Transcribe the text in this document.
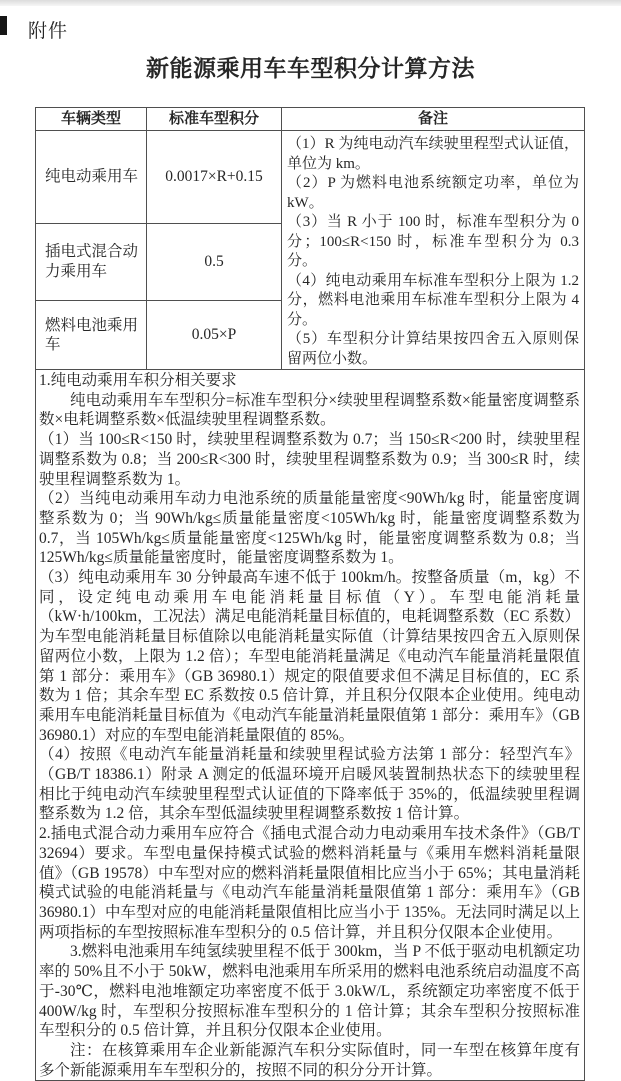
附件
新能源乘用车车型积分计算方法
车辆类型	标准车型积分	备注
纯电动乘用车	0.0017×R+0.15	（1）R 为纯电动汽车续驶里程型式认证值，单位为 km。
（2）P 为燃料电池系统额定功率，单位为 kW。
（3）当 R 小于 100 时，标准车型积分为 0 分；100≤R<150 时，标准车型积分为 0.3 分。
（4）纯电动乘用车标准车型积分上限为 1.2 分，燃料电池乘用车标准车型积分上限为 4 分。
（5）车型积分计算结果按四舍五入原则保留两位小数。

插电式混合动力乘用车	0.5	
燃料电池乘用车	0.05×P	

1.纯电动乘用车积分相关要求

纯电动乘用车车型积分=标准车型积分×续驶里程调整系数×能量密度调整系数×电耗调整系数×低温续驶里程调整系数。

（1）当 100≤R<150 时，续驶里程调整系数为 0.7；当 150≤R<200 时，续驶里程调整系数为 0.8；当 200≤R<300 时，续驶里程调整系数为 0.9；当 300≤R 时，续驶里程调整系数为 1。

（2）当纯电动乘用车动力电池系统的质量能量密度<90Wh/kg 时，能量密度调整系数为 0；当 90Wh/kg≤质量能量密度<105Wh/kg 时，能量密度调整系数为 0.7，当 105Wh/kg≤质量能量密度<125Wh/kg 时，能量密度调整系数为 0.8；当 125Wh/kg≤质量能量密度时，能量密度调整系数为 1。

（3）纯电动乘用车 30 分钟最高车速不低于 100km/h。按整备质量（m，kg）不同，设定纯电动乘用车电能消耗量目标值（Y）。车型电能消耗量（kW·h/100km，工况法）满足电能消耗量目标值的，电耗调整系数（EC 系数）为车型电能消耗量目标值除以电能消耗量实际值（计算结果按四舍五入原则保留两位小数，上限为 1.2 倍）；车型电能消耗量满足《电动汽车能量消耗量限值第 1 部分：乘用车》（GB 36980.1）规定的限值要求但不满足目标值的，EC 系数为 1 倍；其余车型 EC 系数按 0.5 倍计算，并且积分仅限本企业使用。纯电动乘用车电能消耗量目标值为《电动汽车能量消耗量限值第 1 部分：乘用车》（GB 36980.1）对应的车型电能消耗量限值的 85%。

（4）按照《电动汽车能量消耗量和续驶里程试验方法第 1 部分：轻型汽车》（GB/T 18386.1）附录 A 测定的低温环境开启暖风装置制热状态下的续驶里程相比于纯电动汽车续驶里程型式认证值的下降率低于 35%的，低温续驶里程调整系数为 1.2 倍，其余车型低温续驶里程调整系数按 1 倍计算。

2.插电式混合动力乘用车应符合《插电式混合动力电动乘用车技术条件》（GB/T 32694）要求。车型电量保持模式试验的燃料消耗量与《乘用车燃料消耗量限值》（GB 19578）中车型对应的燃料消耗量限值相比应当小于 65%；其电量消耗模式试验的电能消耗量与《电动汽车能量消耗量限值第 1 部分：乘用车》（GB 36980.1）中车型对应的电能消耗量限值相比应当小于 135%。无法同时满足以上两项指标的车型按照标准车型积分的 0.5 倍计算，并且积分仅限本企业使用。

3.燃料电池乘用车纯氢续驶里程不低于 300km，当 P 不低于驱动电机额定功率的 50%且不小于 50kW，燃料电池乘用车所采用的燃料电池系统启动温度不高于-30℃，燃料电池堆额定功率密度不低于 3.0kW/L，系统额定功率密度不低于 400W/kg 时，车型积分按照标准车型积分的 1 倍计算；其余车型积分按照标准车型积分的 0.5 倍计算，并且积分仅限本企业使用。

注：在核算乘用车企业新能源汽车积分实际值时，同一车型在核算年度有多个新能源乘用车车型积分的，按照不同的积分分开计算。
